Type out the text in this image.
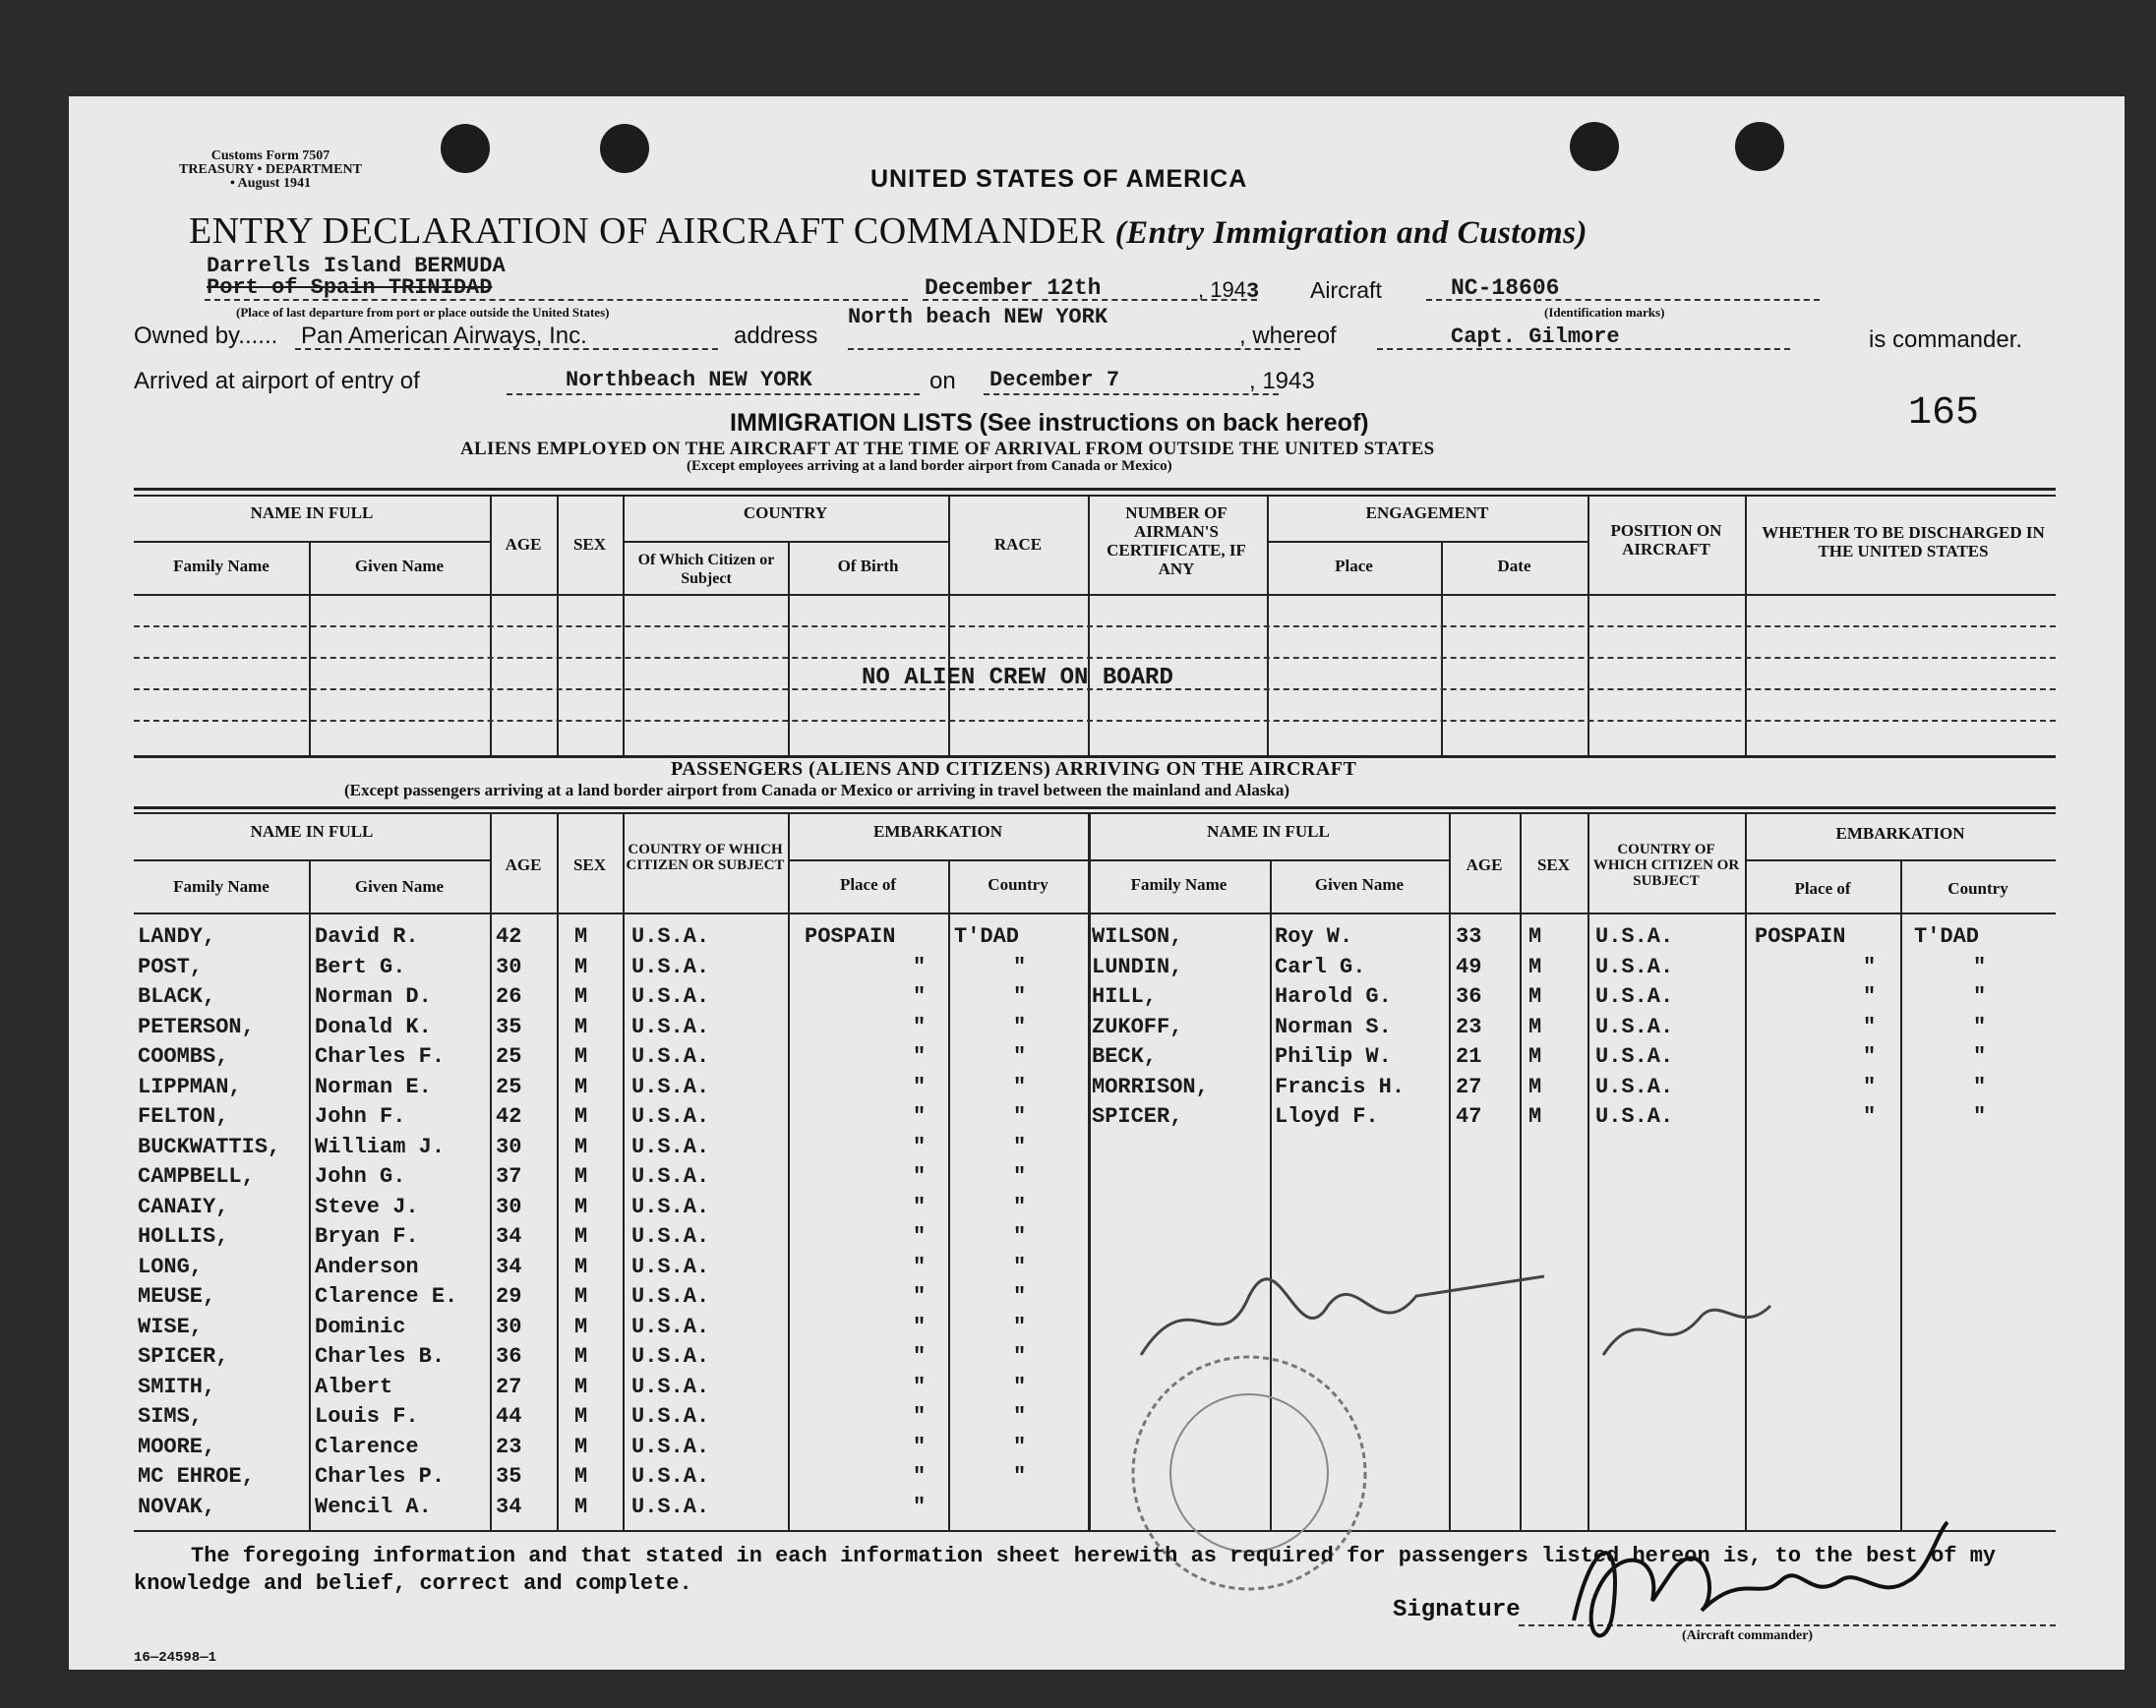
Customs Form 7507
TREASURY • DEPARTMENT
• August 1941	UNITED STATES OF AMERICA
ENTRY DECLARATION OF AIRCRAFT COMMANDER (Entry Immigration and Customs)
Darrells Island BERMUDA
Port of Spain TRINIDAD
(Place of last departure from port or place outside the United States)
December 12th	, 1943 Aircraft	NC-18606
(Identification marks)
Owned by...... Pan American Airways, Inc.	address
North beach NEW YORK
, whereof	Capt. Gilmore	is commander.
Arrived at airport of entry of	Northbeach NEW YORK	on December 7	, 1943
165
IMMIGRATION LISTS (See instructions on back hereof)
ALIENS EMPLOYED ON THE AIRCRAFT AT THE TIME OF ARRIVAL FROM OUTSIDE THE UNITED STATES
(Except employees arriving at a land border airport from Canada or Mexico)
NAME IN FULL
Family Name	Given Name
AGE	SEX
COUNTRY
Of Which Citizen or Subject
Of Birth
RACE
NUMBER OF AIRMAN'S CERTIFICATE, IF ANY
ENGAGEMENT
Place	Date
POSITION ON AIRCRAFT
WHETHER TO BE DISCHARGED IN THE UNITED STATES
NO ALIEN CREW ON BOARD
PASSENGERS (ALIENS AND CITIZENS) ARRIVING ON THE AIRCRAFT
(Except passengers arriving at a land border airport from Canada or Mexico or arriving in travel between the mainland and Alaska)
NAME IN FULL
Family Name	Given Name
AGE	SEX
COUNTRY OF WHICH CITIZEN OR SUBJECT
EMBARKATION
Place of	Country
NAME IN FULL
Family Name	Given Name
AGE	SEX
COUNTRY OF WHICH CITIZEN OR SUBJECT
EMBARKATION
Place of	Country
LANDY,	David R.	42 M U.S.A.	POSPAIN	T'DAD
POST,	Bert G.	30 M U.S.A.	"	"
BLACK,	Norman D.	26 M U.S.A.	"	"
PETERSON,	Donald K.	35 M U.S.A.	"	"
COOMBS,	Charles F. 25 M U.S.A.	"	"
LIPPMAN,	Norman E.	25 M U.S.A.	"	"
FELTON,	John F.	42 M U.S.A.	"	"
BUCKWATTIS, William J. 30 M U.S.A.	"	"
CAMPBELL,	John G.	37 M U.S.A.	"	"
CANAIY,	Steve J.	30 M U.S.A.	"	"
HOLLIS,	Bryan F.	34 M U.S.A.	"	"
LONG,	Anderson	34 M U.S.A.	"	"
MEUSE,	Clarence E. 29 M U.S.A.	"	"
WISE,	Dominic	30 M U.S.A.	"	"
SPICER,	Charles B. 36 M U.S.A.	"	"
SMITH,	Albert	27 M U.S.A.	"	"
SIMS,	Louis F.	44 M U.S.A.	"	"
MOORE,	Clarence	23 M U.S.A.	"	"
MC EHROE,	Charles P. 35 M U.S.A.	"	"
NOVAK,	Wencil A.	34 M U.S.A.	"
WILSON,	Roy W.	33 M U.S.A.	POSPAIN	T'DAD
LUNDIN,	Carl G.	49 M U.S.A.	"	"
HILL,	Harold G.	36 M U.S.A.	"	"
ZUKOFF,	Norman S.	23 M U.S.A.	"	"
BECK,	Philip W.	21 M U.S.A.	"	"
MORRISON,	Francis H. 27 M U.S.A.	"	"
SPICER,	Lloyd F.	47 M U.S.A.	"	"
The foregoing information and that stated in each information sheet herewith as required for passengers listed hereon is, to the best of my
knowledge and belief, correct and complete.
Signature
(Aircraft commander)
16—24598—1
